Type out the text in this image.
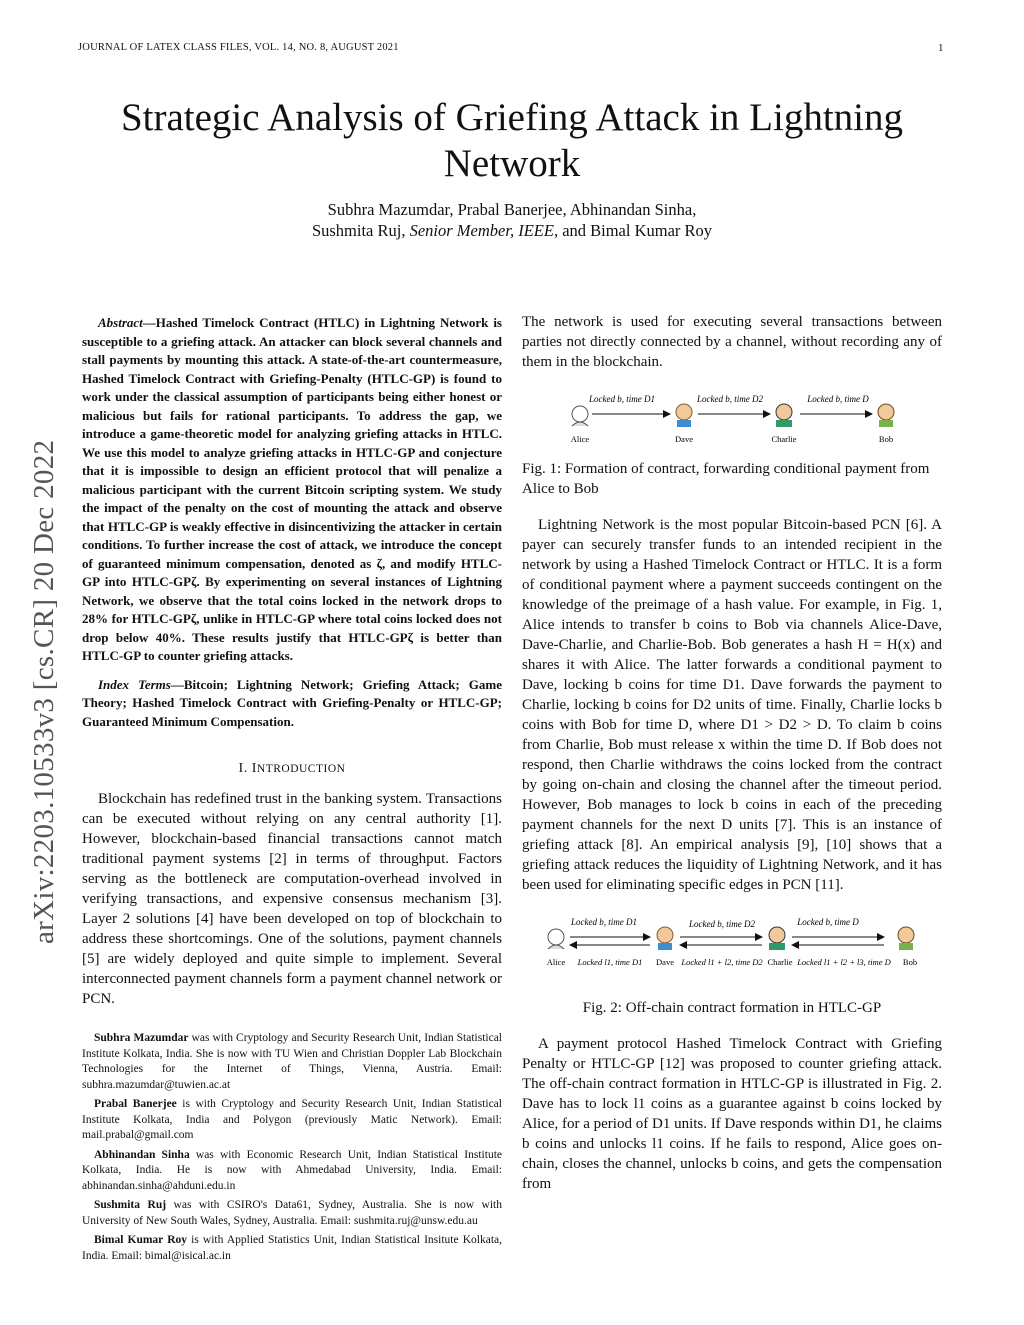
JOURNAL OF LATEX CLASS FILES, VOL. 14, NO. 8, AUGUST 2021	1
arXiv:2203.10533v3 [cs.CR] 20 Dec 2022
Strategic Analysis of Griefing Attack in Lightning Network
Subhra Mazumdar, Prabal Banerjee, Abhinandan Sinha,
Sushmita Ruj, Senior Member, IEEE, and Bimal Kumar Roy

Abstract—Hashed Timelock Contract (HTLC) in Lightning Network is susceptible to a griefing attack. An attacker can block several channels and stall payments by mounting this attack. A state-of-the-art countermeasure, Hashed Timelock Contract with Griefing-Penalty (HTLC-GP) is found to work under the classical assumption of participants being either honest or malicious but fails for rational participants. To address the gap, we introduce a game-theoretic model for analyzing griefing attacks in HTLC. We use this model to analyze griefing attacks in HTLC-GP and conjecture that it is impossible to design an efficient protocol that will penalize a malicious participant with the current Bitcoin scripting system. We study the impact of the penalty on the cost of mounting the attack and observe that HTLC-GP is weakly effective in disincentivizing the attacker in certain conditions. To further increase the cost of attack, we introduce the concept of guaranteed minimum compensation, denoted as ζ, and modify HTLC-GP into HTLC-GPζ. By experimenting on several instances of Lightning Network, we observe that the total coins locked in the network drops to 28% for HTLC-GPζ, unlike in HTLC-GP where total coins locked does not drop below 40%. These results justify that HTLC-GPζ is better than HTLC-GP to counter griefing attacks.

Index Terms—Bitcoin; Lightning Network; Griefing Attack; Game Theory; Hashed Timelock Contract with Griefing-Penalty or HTLC-GP; Guaranteed Minimum Compensation.

I. INTRODUCTION

Blockchain has redefined trust in the banking system. Transactions can be executed without relying on any central authority [1]. However, blockchain-based financial transactions cannot match traditional payment systems [2] in terms of throughput. Factors serving as the bottleneck are computation-overhead involved in verifying transactions, and expensive consensus mechanism [3]. Layer 2 solutions [4] have been developed on top of blockchain to address these shortcomings. One of the solutions, payment channels [5] are widely deployed and quite simple to implement. Several interconnected payment channels form a payment channel network or PCN.

Subhra Mazumdar was with Cryptology and Security Research Unit, Indian Statistical Institute Kolkata, India. She is now with TU Wien and Christian Doppler Lab Blockchain Technologies for the Internet of Things, Vienna, Austria. Email: subhra.mazumdar@tuwien.ac.at

Prabal Banerjee is with Cryptology and Security Research Unit, Indian Statistical Institute Kolkata, India and Polygon (previously Matic Network). Email: mail.prabal@gmail.com

Abhinandan Sinha was with Economic Research Unit, Indian Statistical Institute Kolkata, India. He is now with Ahmedabad University, India. Email: abhinandan.sinha@ahduni.edu.in

Sushmita Ruj was with CSIRO's Data61, Sydney, Australia. She is now with University of New South Wales, Sydney, Australia. Email: sushmita.ruj@unsw.edu.au

Bimal Kumar Roy is with Applied Statistics Unit, Indian Statistical Insitute Kolkata, India. Email: bimal@isical.ac.in

The network is used for executing several transactions between parties not directly connected by a channel, without recording any of them in the blockchain.

Locked b, time D1	Locked b, time D2	Locked b, time D
Alice	Dave	Charlie	Bob

Fig. 1: Formation of contract, forwarding conditional payment from Alice to Bob

Lightning Network is the most popular Bitcoin-based PCN [6]. A payer can securely transfer funds to an intended recipient in the network by using a Hashed Timelock Contract or HTLC. It is a form of conditional payment where a payment succeeds contingent on the knowledge of the preimage of a hash value. For example, in Fig. 1, Alice intends to transfer b coins to Bob via channels Alice-Dave, Dave-Charlie, and Charlie-Bob. Bob generates a hash H = H(x) and shares it with Alice. The latter forwards a conditional payment to Dave, locking b coins for time D1. Dave forwards the payment to Charlie, locking b coins for D2 units of time. Finally, Charlie locks b coins with Bob for time D, where D1 > D2 > D. To claim b coins from Charlie, Bob must release x within the time D. If Bob does not respond, then Charlie withdraws the coins locked from the contract by going on-chain and closing the channel after the timeout period. However, Bob manages to lock b coins in each of the preceding payment channels for the next D units [7]. This is an instance of griefing attack [8]. An empirical analysis [9], [10] shows that a griefing attack reduces the liquidity of Lightning Network, and it has been used for eliminating specific edges in PCN [11].

Locked b, time D1	Locked b, time D2	Locked b, time D
Alice	Dave	Charlie	Bob
Locked l1, time D1	Locked l1 + l2, time D2	Locked l1 + l2 + l3, time D

Fig. 2: Off-chain contract formation in HTLC-GP

A payment protocol Hashed Timelock Contract with Griefing Penalty or HTLC-GP [12] was proposed to counter griefing attack. The off-chain contract formation in HTLC-GP is illustrated in Fig. 2. Dave has to lock l1 coins as a guarantee against b coins locked by Alice, for a period of D1 units. If Dave responds within D1, he claims b coins and unlocks l1 coins. If he fails to respond, Alice goes on-chain, closes the channel, unlocks b coins, and gets the compensation from
